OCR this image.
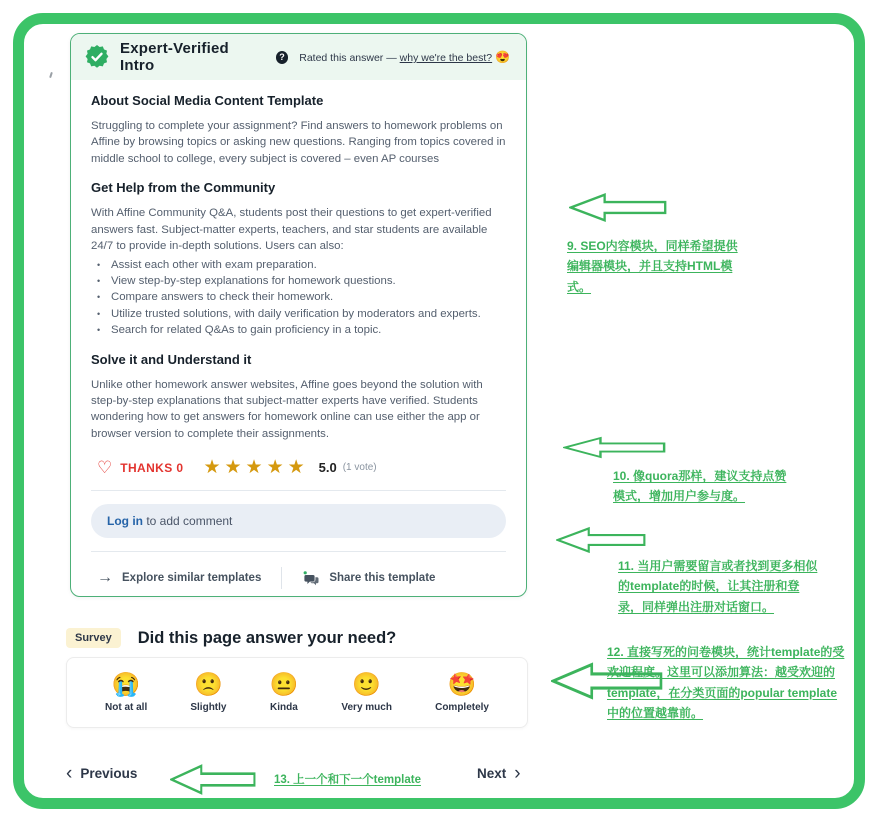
Expert-Verified Intro	?	Rated this answer — why we're the best? 😍
About Social Media Content Template

Struggling to complete your assignment? Find answers to homework problems on Affine by browsing topics or asking new questions. Ranging from topics covered in middle school to college, every subject is covered – even AP courses

Get Help from the Community

With Affine Community Q&A, students post their questions to get expert-verified answers fast. Subject-matter experts, teachers, and star students are available 24/7 to provide in-depth solutions. Users can also:

• Assist each other with exam preparation.
• View step-by-step explanations for homework questions.
• Compare answers to check their homework.
• Utilize trusted solutions, with daily verification by moderators and experts.
• Search for related Q&As to gain proficiency in a topic.
Solve it and Understand it

Unlike other homework answer websites, Affine goes beyond the solution with step-by-step explanations that subject-matter experts have verified. Students wondering how to get answers for homework online can use either the app or browser version to complete their assignments.

♡ THANKS 0 ★★★★★ 5.0 (1 vote)
Log in to add comment
→ Explore similar templates	Share this template
Survey	Did this page answer your need?
😭
Not at all
🙁
Slightly
😐
Kinda
🙂
Very much
🤩
Completely
‹ Previous	Next ›
9. SEO内容模块，同样希望提供编辑器模块，并且支持HTML模式。
10. 像quora那样，建议支持点赞模式，增加用户参与度。
11. 当用户需要留言或者找到更多相似的template的时候，让其注册和登录，同样弹出注册对话窗口。
12. 直接写死的问卷模块，统计template的受欢迎程度。这里可以添加算法：越受欢迎的template，在分类页面的popular template中的位置越靠前。
13. 上一个和下一个template
